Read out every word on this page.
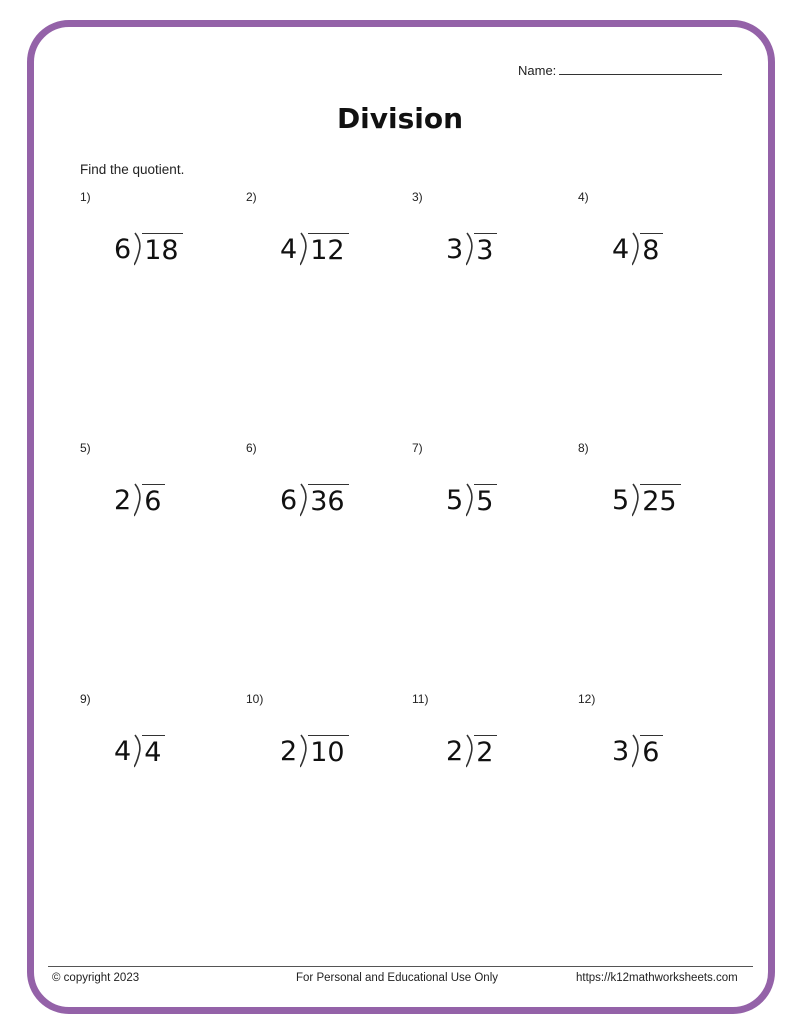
Name:
Division
Find the quotient.
1)
6 18
2)
4 12
3)
3 3
4)
4 8
5)
2 6
6)
6 36
7)
5 5
8)
5 25
9)
4 4
10)
2 10
11)
2 2
12)
3 6
© copyright 2023	For Personal and Educational Use Only	https://k12mathworksheets.com
